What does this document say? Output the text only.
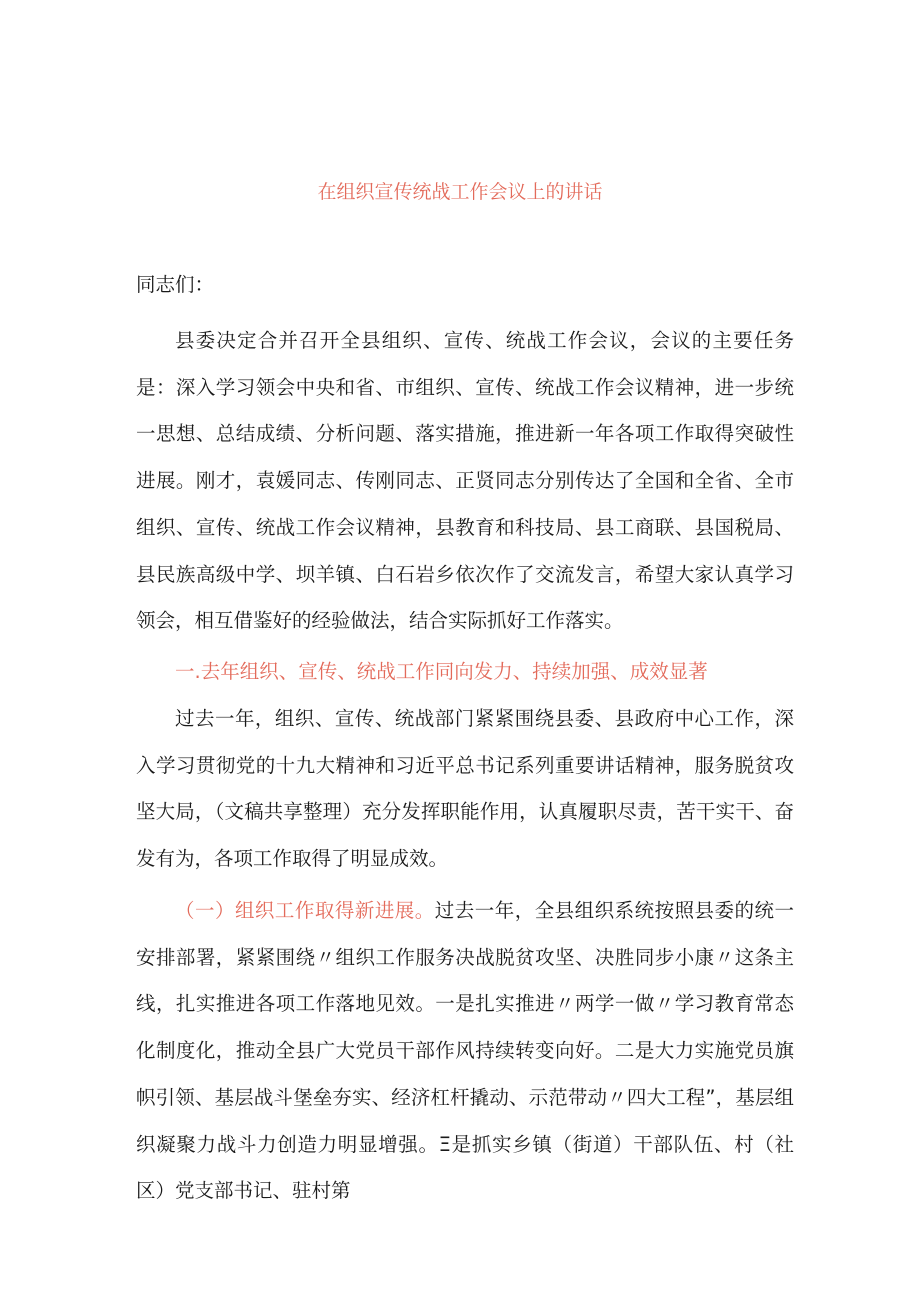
在组织宣传统战工作会议上的讲话
同志们：

县委决定合并召开全县组织、宣传、统战工作会议，会议的主要任务是：深入学习领会中央和省、市组织、宣传、统战工作会议精神，进一步统一思想、总结成绩、分析问题、落实措施，推进新一年各项工作取得突破性进展。刚才，袁媛同志、传刚同志、正贤同志分别传达了全国和全省、全市组织、宣传、统战工作会议精神，县教育和科技局、县工商联、县国税局、县民族高级中学、坝羊镇、白石岩乡依次作了交流发言，希望大家认真学习领会，相互借鉴好的经验做法，结合实际抓好工作落实。

一.去年组织、宣传、统战工作同向发力、持续加强、成效显著

过去一年，组织、宣传、统战部门紧紧围绕县委、县政府中心工作，深入学习贯彻党的十九大精神和习近平总书记系列重要讲话精神，服务脱贫攻坚大局，（文稿共享整理）充分发挥职能作用，认真履职尽责，苦干实干、奋发有为，各项工作取得了明显成效。

（一）组织工作取得新进展。过去一年，全县组织系统按照县委的统一安排部署，紧紧围绕〃组织工作服务决战脱贫攻坚、决胜同步小康〃这条主线，扎实推进各项工作落地见效。一是扎实推进〃两学一做〃学习教育常态化制度化，推动全县广大党员干部作风持续转变向好。二是大力实施党员旗帜引领、基层战斗堡垒夯实、经济杠杆撬动、示范带动〃四大工程”，基层组织凝聚力战斗力创造力明显增强。Ξ是抓实乡镇（街道）干部队伍、村（社区）党支部书记、驻村第
